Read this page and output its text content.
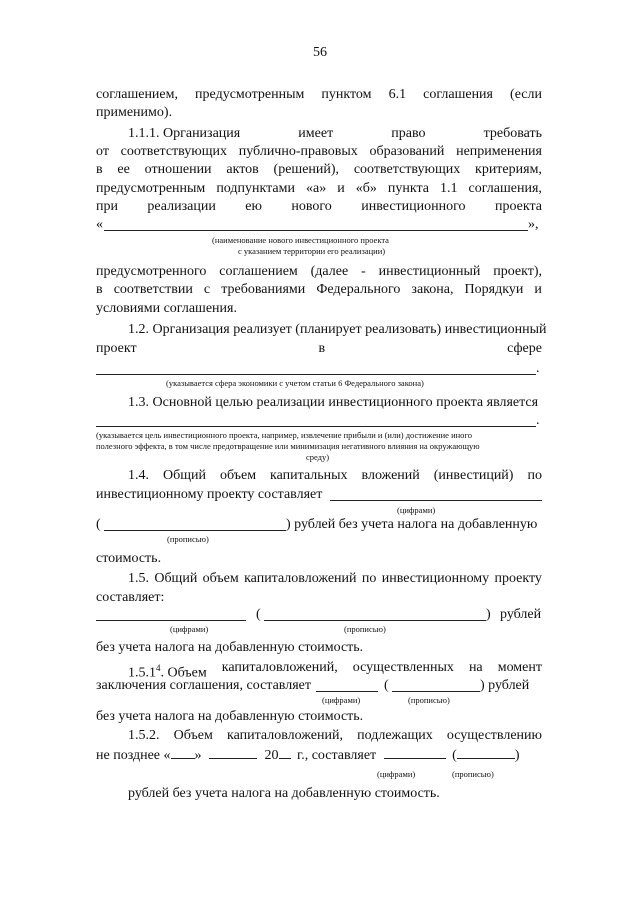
56
соглашением, предусмотренным пунктом 6.1 соглашения (если
применимо).
1.1.1. Организация	имеет	право	требовать
от соответствующих публично-правовых образований неприменения
в ее отношении актов (решений), соответствующих критериям,
предусмотренным подпунктами «а» и «б» пункта 1.1 соглашения,
при реализации ею нового инвестиционного проекта
«	»,
(наименование нового инвестиционного проекта
с указанием территории его реализации)
предусмотренного соглашением (далее - инвестиционный проект),
в соответствии с требованиями Федерального закона, Порядкуи и
условиями соглашения.
1.2. Организация реализует (планирует реализовать) инвестиционный
проект	в	сфере
.
(указывается сфера экономики с учетом статьи 6 Федерального закона)
1.3. Основной целью реализации инвестиционного проекта является
.
(указывается цель инвестиционного проекта, например, извлечение прибыли и (или) достижение иного
полезного эффекта, в том числе предотвращение или минимизация негативного влияния на окружающую
среду)
1.4. Общий объем капитальных вложений (инвестиций) по
инвестиционному проекту составляет
(цифрами)
(	) рублей без учета налога на добавленную
(прописью)
стоимость.
1.5. Общий объем капиталовложений по инвестиционному проекту
составляет:
(	) рублей
(цифрами)	(прописью)
без учета налога на добавленную стоимость.
1.5.1$^4$. Объем капиталовложений, осуществленных на момент
заключения соглашения, составляет	(	) рублей
(цифрами)	(прописью)
без учета налога на добавленную стоимость.
1.5.2. Объем капиталовложений, подлежащих осуществлению
не позднее « »	20 г., составляет	(	)
(цифрами)	(прописью)
рублей без учета налога на добавленную стоимость.
